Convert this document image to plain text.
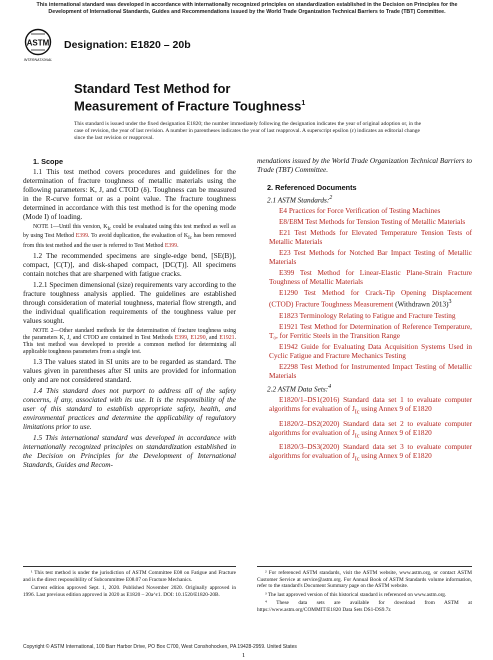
This international standard was developed in accordance with internationally recognized principles on standardization established in the Decision on Principles for the Development of International Standards, Guides and Recommendations issued by the World Trade Organization Technical Barriers to Trade (TBT) Committee.
ASTM
INTERNATIONAL
Designation: E1820 – 20b
Standard Test Method for
Measurement of Fracture Toughness$^1$
This standard is issued under the fixed designation E1820; the number immediately following the designation indicates the year of original adoption or, in the case of revision, the year of last revision. A number in parentheses indicates the year of last reapproval. A superscript epsilon (ε) indicates an editorial change since the last revision or reapproval.

1. Scope

1.1 This test method covers procedures and guidelines for the determination of fracture toughness of metallic materials using the following parameters: K, J, and CTOD (δ). Toughness can be measured in the R-curve format or as a point value. The fracture toughness determined in accordance with this test method is for the opening mode (Mode I) of loading.

NOTE 1—Until this version, $K_{Ic}$ could be evaluated using this test method as well as by using Test Method E399. To avoid duplication, the evaluation of $K_{Ic}$ has been removed from this test method and the user is referred to Test Method E399.

1.2 The recommended specimens are single-edge bend, [SE(B)], compact, [C(T)], and disk-shaped compact, [DC(T)]. All specimens contain notches that are sharpened with fatigue cracks.

1.2.1 Specimen dimensional (size) requirements vary according to the fracture toughness analysis applied. The guidelines are established through consideration of material toughness, material flow strength, and the individual qualification requirements of the toughness value per values sought.

NOTE 2—Other standard methods for the determination of fracture toughness using the parameters K, J, and CTOD are contained in Test Methods E399, E1290, and E1921. This test method was developed to provide a common method for determining all applicable toughness parameters from a single test.

1.3 The values stated in SI units are to be regarded as standard. The values given in parentheses after SI units are provided for information only and are not considered standard.

1.4 This standard does not purport to address all of the safety concerns, if any, associated with its use. It is the responsibility of the user of this standard to establish appropriate safety, health, and environmental practices and determine the applicability of regulatory limitations prior to use.

1.5 This international standard was developed in accordance with internationally recognized principles on standardization established in the Decision on Principles for the Development of International Standards, Guides and Recom-

mendations issued by the World Trade Organization Technical Barriers to Trade (TBT) Committee.

2. Referenced Documents

2.1 ASTM Standards:$^2$

E4 Practices for Force Verification of Testing Machines

E8/E8M Test Methods for Tension Testing of Metallic Materials

E21 Test Methods for Elevated Temperature Tension Tests of Metallic Materials

E23 Test Methods for Notched Bar Impact Testing of Metallic Materials

E399 Test Method for Linear-Elastic Plane-Strain Fracture Toughness of Metallic Materials

E1290 Test Method for Crack-Tip Opening Displacement (CTOD) Fracture Toughness Measurement (Withdrawn 2013)$^3$

E1823 Terminology Relating to Fatigue and Fracture Testing

E1921 Test Method for Determination of Reference Temperature, T₀, for Ferritic Steels in the Transition Range

E1942 Guide for Evaluating Data Acquisition Systems Used in Cyclic Fatigue and Fracture Mechanics Testing

E2298 Test Method for Instrumented Impact Testing of Metallic Materials

2.2 ASTM Data Sets:$^4$

E1820/1–DS1(2016) Standard data set 1 to evaluate computer algorithms for evaluation of $J_{Ic}$ using Annex 9 of E1820

E1820/2–DS2(2020) Standard data set 2 to evaluate computer algorithms for evaluation of $J_{Ic}$ using Annex 9 of E1820

E1820/3–DS3(2020) Standard data set 3 to evaluate computer algorithms for evaluation of $J_{Ic}$ using Annex 9 of E1820

¹ This test method is under the jurisdiction of ASTM Committee E08 on Fatigue and Fracture and is the direct responsibility of Subcommittee E08.07 on Fracture Mechanics.

Current edition approved Sept. 1, 2020. Published November 2020. Originally approved in 1996. Last previous edition approved in 2020 as E1820 – 20a^ε1. DOI: 10.1520/E1820-20B.

² For referenced ASTM standards, visit the ASTM website, www.astm.org, or contact ASTM Customer Service at service@astm.org. For Annual Book of ASTM Standards volume information, refer to the standard's Document Summary page on the ASTM website.

³ The last approved version of this historical standard is referenced on www.astm.org.

⁴ These data sets are available for download from ASTM at https://www.astm.org/COMMIT/E1820 Data Sets DS1-DS9.7z

Copyright © ASTM International, 100 Barr Harbor Drive, PO Box C700, West Conshohocken, PA 19428-2959. United States
1
